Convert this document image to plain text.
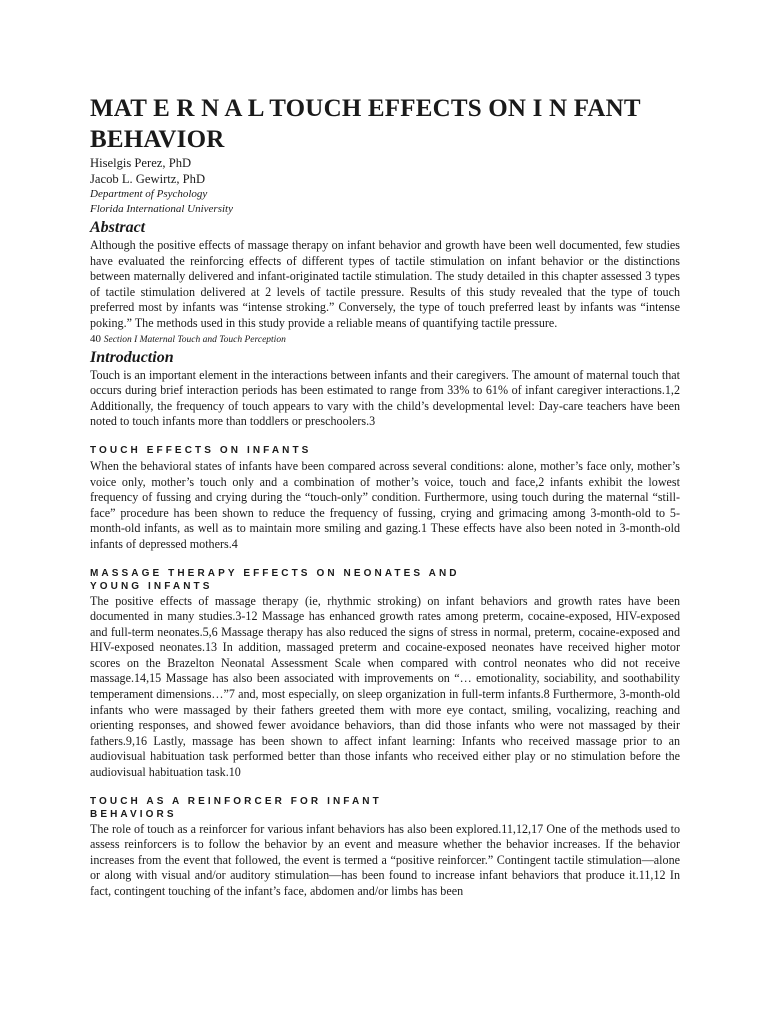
MAT E R N A L TOUCH EFFECTS ON I N FANT BEHAVIOR

Hiselgis Perez, PhD

Jacob L. Gewirtz, PhD

Department of Psychology

Florida International University

Abstract

Although the positive effects of massage therapy on infant behavior and growth have been well documented, few studies have evaluated the reinforcing effects of different types of tactile stimulation on infant behavior or the distinctions between maternally delivered and infant-originated tactile stimulation. The study detailed in this chapter assessed 3 types of tactile stimulation delivered at 2 levels of tactile pressure. Results of this study revealed that the type of touch preferred most by infants was “intense stroking.” Conversely, the type of touch preferred least by infants was “intense poking.” The methods used in this study provide a reliable means of quantifying tactile pressure.

40 Section I Maternal Touch and Touch Perception

Introduction

Touch is an important element in the interactions between infants and their caregivers. The amount of maternal touch that occurs during brief interaction periods has been estimated to range from 33% to 61% of infant caregiver interactions.1,2 Additionally, the frequency of touch appears to vary with the child’s developmental level: Day-care teachers have been noted to touch infants more than toddlers or preschoolers.3

TOUCH EFFECTS ON INFANTS

When the behavioral states of infants have been compared across several conditions: alone, mother’s face only, mother’s voice only, mother’s touch only and a combination of mother’s voice, touch and face,2 infants exhibit the lowest frequency of fussing and crying during the “touch-only” condition. Furthermore, using touch during the maternal “still-face” procedure has been shown to reduce the frequency of fussing, crying and grimacing among 3-month-old to 5-month-old infants, as well as to maintain more smiling and gazing.1 These effects have also been noted in 3-month-old infants of depressed mothers.4

MASSAGE THERAPY EFFECTS ON NEONATES AND
YOUNG INFANTS

The positive effects of massage therapy (ie, rhythmic stroking) on infant behaviors and growth rates have been documented in many studies.3-12 Massage has enhanced growth rates among preterm, cocaine-exposed, HIV-exposed and full-term neonates.5,6 Massage therapy has also reduced the signs of stress in normal, preterm, cocaine-exposed and HIV-exposed neonates.13 In addition, massaged preterm and cocaine-exposed neonates have received higher motor scores on the Brazelton Neonatal Assessment Scale when compared with control neonates who did not receive massage.14,15 Massage has also been associated with improvements on “… emotionality, sociability, and soothability temperament dimensions…”7 and, most especially, on sleep organization in full-term infants.8 Furthermore, 3-month-old infants who were massaged by their fathers greeted them with more eye contact, smiling, vocalizing, reaching and orienting responses, and showed fewer avoidance behaviors, than did those infants who were not massaged by their fathers.9,16 Lastly, massage has been shown to affect infant learning: Infants who received massage prior to an audiovisual habituation task performed better than those infants who received either play or no stimulation before the audiovisual habituation task.10

TOUCH AS A REINFORCER FOR INFANT
BEHAVIORS

The role of touch as a reinforcer for various infant behaviors has also been explored.11,12,17 One of the methods used to assess reinforcers is to follow the behavior by an event and measure whether the behavior increases. If the behavior increases from the event that followed, the event is termed a “positive reinforcer.” Contingent tactile stimulation—alone or along with visual and/or auditory stimulation—has been found to increase infant behaviors that produce it.11,12 In fact, contingent touching of the infant’s face, abdomen and/or limbs has been
